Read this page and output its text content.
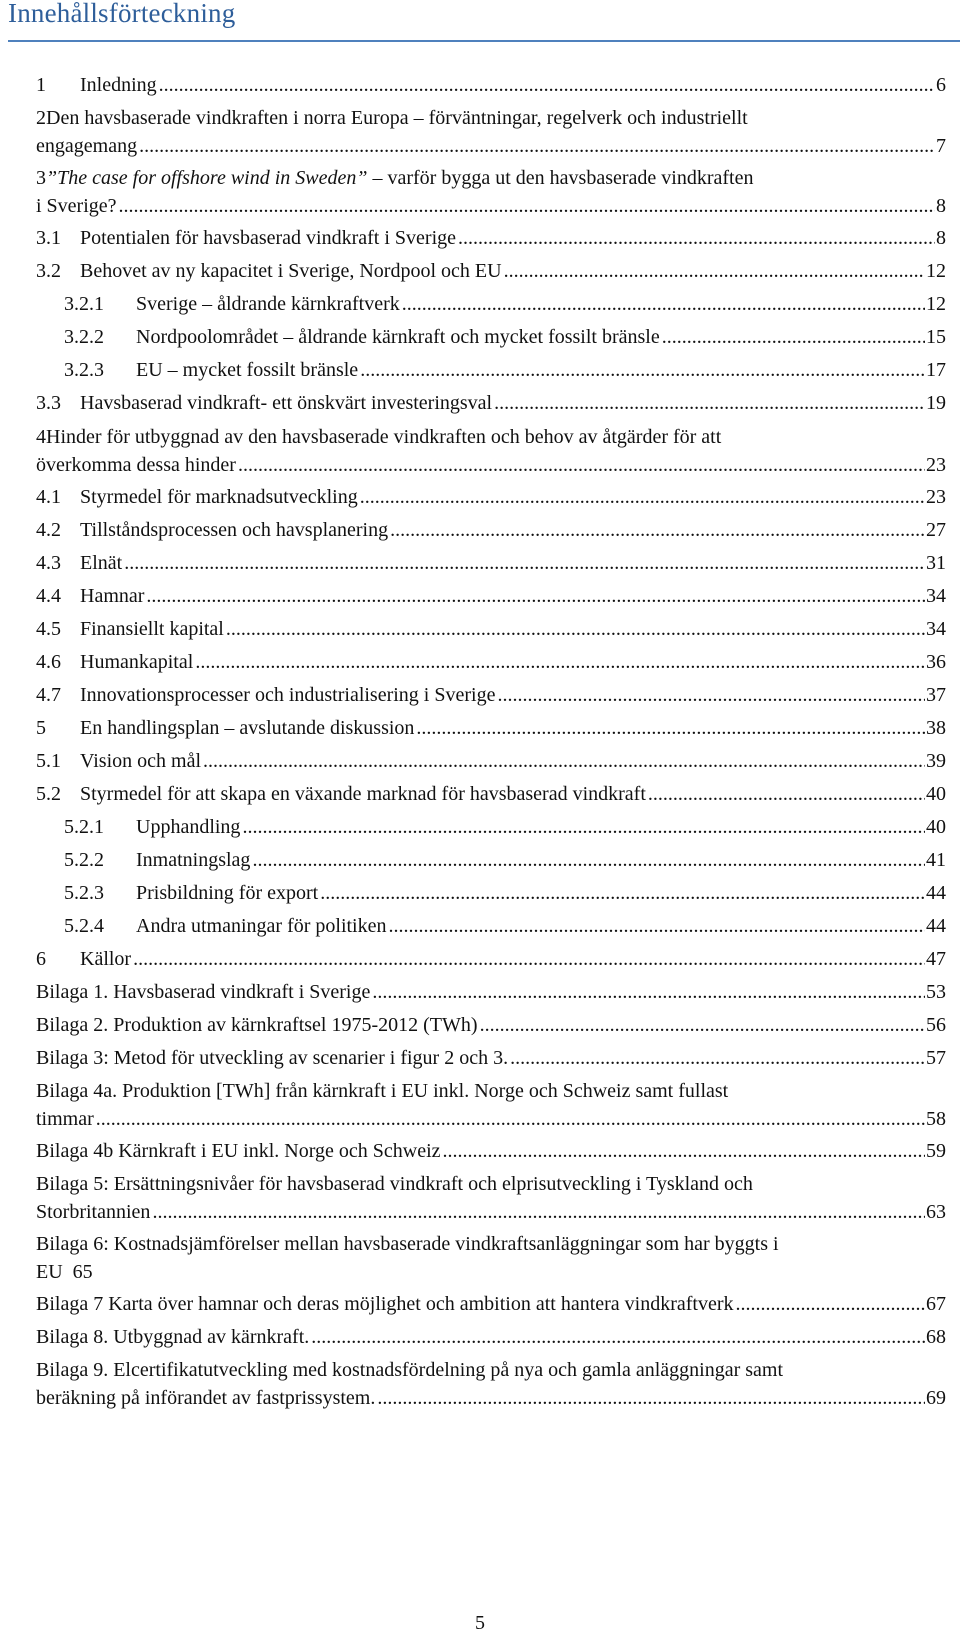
Innehållsförteckning
1 Inledning .....	6
2Den havsbaserade vindkraften i norra Europa – förväntningar, regelverk och industriellt
engagemang .....	7
3”The case for offshore wind in Sweden” – varför bygga ut den havsbaserade vindkraften
i Sverige? .....	8
3.1 Potentialen för havsbaserad vindkraft i Sverige .....	8
3.2 Behovet av ny kapacitet i Sverige, Nordpool och EU .....	12
3.2.1 Sverige – åldrande kärnkraftverk .....	12
3.2.2 Nordpoolområdet – åldrande kärnkraft och mycket fossilt bränsle .....	15
3.2.3 EU – mycket fossilt bränsle .....	17
3.3 Havsbaserad vindkraft- ett önskvärt investeringsval .....	19
4Hinder för utbyggnad av den havsbaserade vindkraften och behov av åtgärder för att
överkomma dessa hinder .....	23
4.1 Styrmedel för marknadsutveckling .....	23
4.2 Tillståndsprocessen och havsplanering .....	27
4.3 Elnät .....	31
4.4 Hamnar .....	34
4.5 Finansiellt kapital .....	34
4.6 Humankapital .....	36
4.7 Innovationsprocesser och industrialisering i Sverige .....	37
5 En handlingsplan – avslutande diskussion .....	38
5.1 Vision och mål .....	39
5.2 Styrmedel för att skapa en växande marknad för havsbaserad vindkraft .....	40
5.2.1 Upphandling .....	40
5.2.2 Inmatningslag .....	41
5.2.3 Prisbildning för export .....	44
5.2.4 Andra utmaningar för politiken .....	44
6 Källor .....	47
Bilaga 1. Havsbaserad vindkraft i Sverige .....	53
Bilaga 2. Produktion av kärnkraftsel 1975-2012 (TWh) .....	56
Bilaga 3: Metod för utveckling av scenarier i figur 2 och 3. .....	57
Bilaga 4a. Produktion [TWh] från kärnkraft i EU inkl. Norge och Schweiz samt fullast
timmar .....	58
Bilaga 4b Kärnkraft i EU inkl. Norge och Schweiz .....	59
Bilaga 5: Ersättningsnivåer för havsbaserad vindkraft och elprisutveckling i Tyskland och
Storbritannien .....	63
Bilaga 6: Kostnadsjämförelser mellan havsbaserade vindkraftsanläggningar som har byggts i
EU 65
Bilaga 7 Karta över hamnar och deras möjlighet och ambition att hantera vindkraftverk .....	67
Bilaga 8. Utbyggnad av kärnkraft. .....	68
Bilaga 9. Elcertifikatutveckling med kostnadsfördelning på nya och gamla anläggningar samt
beräkning på införandet av fastprissystem. .....	69
5
